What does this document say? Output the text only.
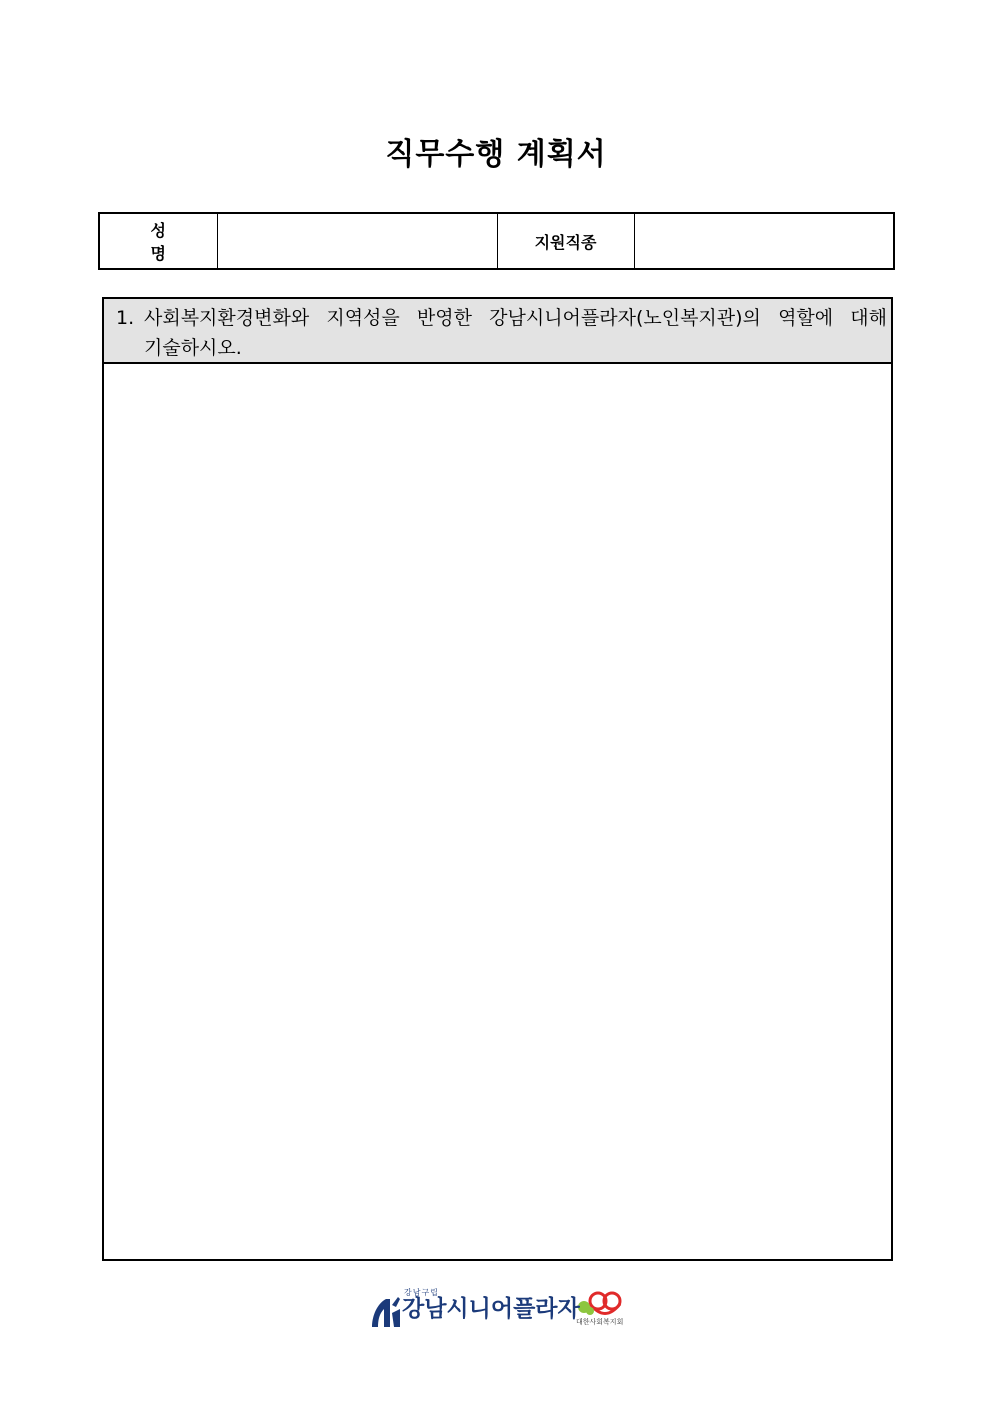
직무수행 계획서
성 명		지원직종	
1. 사회복지환경변화와 지역성을 반영한 강남시니어플라자(노인복지관)의 역할에 대해 기술하시오.
강남구립
강남시니어플라자
대한사회복지회
